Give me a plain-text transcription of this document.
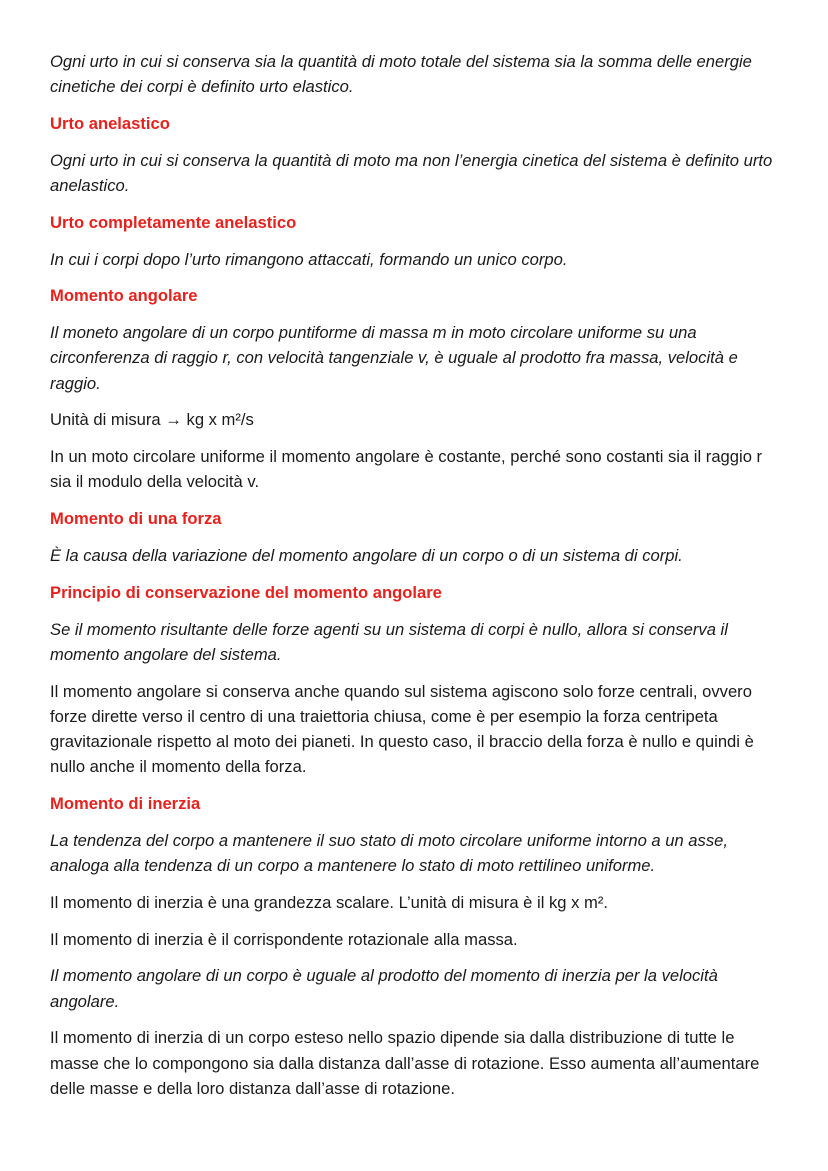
Ogni urto in cui si conserva sia la quantità di moto totale del sistema sia la somma delle energie cinetiche dei corpi è definito urto elastico.

Urto anelastico

Ogni urto in cui si conserva la quantità di moto ma non l’energia cinetica del sistema è definito urto anelastico.

Urto completamente anelastico

In cui i corpi dopo l’urto rimangono attaccati, formando un unico corpo.

Momento angolare

Il moneto angolare di un corpo puntiforme di massa m in moto circolare uniforme su una circonferenza di raggio r, con velocità tangenziale v, è uguale al prodotto fra massa, velocità e raggio.

Unità di misura → kg x m²/s

In un moto circolare uniforme il momento angolare è costante, perché sono costanti sia il raggio r sia il modulo della velocità v.

Momento di una forza

È la causa della variazione del momento angolare di un corpo o di un sistema di corpi.

Principio di conservazione del momento angolare

Se il momento risultante delle forze agenti su un sistema di corpi è nullo, allora si conserva il momento angolare del sistema.

Il momento angolare si conserva anche quando sul sistema agiscono solo forze centrali, ovvero forze dirette verso il centro di una traiettoria chiusa, come è per esempio la forza centripeta gravitazionale rispetto al moto dei pianeti. In questo caso, il braccio della forza è nullo e quindi è nullo anche il momento della forza.

Momento di inerzia

La tendenza del corpo a mantenere il suo stato di moto circolare uniforme intorno a un asse, analoga alla tendenza di un corpo a mantenere lo stato di moto rettilineo uniforme.

Il momento di inerzia è una grandezza scalare. L’unità di misura è il kg x m².

Il momento di inerzia è il corrispondente rotazionale alla massa.

Il momento angolare di un corpo è uguale al prodotto del momento di inerzia per la velocità angolare.

Il momento di inerzia di un corpo esteso nello spazio dipende sia dalla distribuzione di tutte le masse che lo compongono sia dalla distanza dall’asse di rotazione. Esso aumenta all’aumentare delle masse e della loro distanza dall’asse di rotazione.
